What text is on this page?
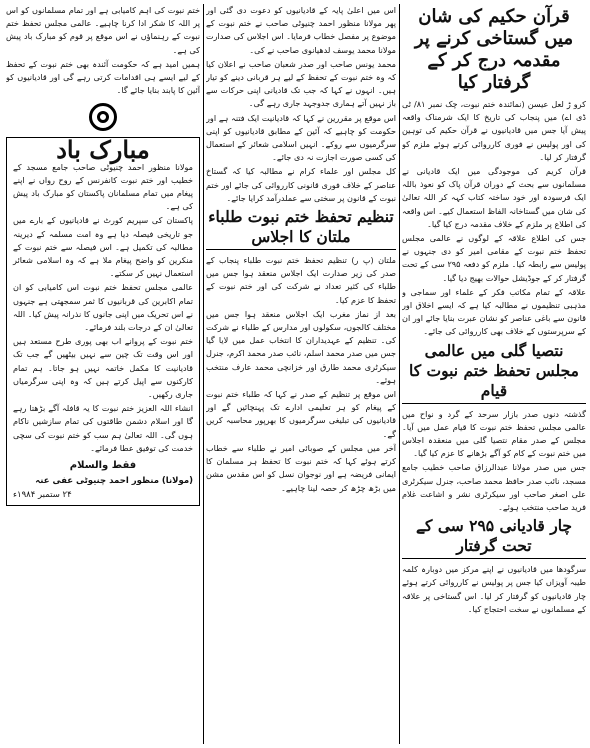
قرآن حکیم کی شان میں گستاخی کرنے پر مقدمہ درج کر کے گرفتار کیا

کرو ڑ لعل عیسن (نمائندہ ختم نبوت، چک نمبر ۸۱/ ٹی ڈی اے) میں پنجاب کی تاریخ کا ایک شرمناک واقعہ پیش آیا جس میں قادیانیوں نے قرآن حکیم کی توہین کی اور پولیس نے فوری کارروائی کرتے ہوئے ملزم کو گرفتار کر لیا۔

قرآن کریم کی موجودگی میں ایک قادیانی نے مسلمانوں سے بحث کے دوران قرآن پاک کو نعوذ باللہ ایک فرسودہ اور خود ساختہ کتاب کہہ کر اللہ تعالیٰ کی شان میں گستاخانہ الفاظ استعمال کیے۔ اس واقعہ کی اطلاع پر ملزم کے خلاف مقدمہ درج کیا گیا۔

جس کی اطلاع علاقہ کے لوگوں نے عالمی مجلس تحفظ ختم نبوت کے مقامی امیر کو دی جنہوں نے پولیس سے رابطہ کیا۔ ملزم کو دفعہ ۲۹۵ سی کے تحت گرفتار کر کے جوڈیشل حوالات بھیج دیا گیا۔

علاقہ کے تمام مکاتب فکر کے علماء اور سماجی و مذہبی تنظیموں نے مطالبہ کیا ہے کہ ایسے اخلاق اور قانون سے باغی عناصر کو نشان عبرت بنایا جائے اور ان کے سرپرستوں کے خلاف بھی کارروائی کی جائے۔

نتصیا گلی میں عالمی مجلس تحفظ ختم نبوت کا قیام

گذشتہ دنوں صدر بازار سرحد کے گرد و نواح میں عالمی مجلس تحفظ ختم نبوت کا قیام عمل میں آیا۔ مجلس کے صدر مقام نتصیا گلی میں منعقدہ اجلاس میں ختم نبوت کے کام کو آگے بڑھانے کا عزم کیا گیا۔

جس میں صدر مولانا عبدالرزاق صاحب خطیب جامع مسجد، نائب صدر حافظ محمد صاحب، جنرل سیکرٹری علی اصغر صاحب اور سیکرٹری نشر و اشاعت غلام فرید صاحب منتخب ہوئے۔

چار قادیانی ۲۹۵ سی کے تحت گرفتار

سرگودھا میں قادیانیوں نے اپنے مرکز میں دوبارہ کلمہ طیبہ آویزاں کیا جس پر پولیس نے کارروائی کرتے ہوئے چار قادیانیوں کو گرفتار کر لیا۔ اس گستاخی پر علاقہ کے مسلمانوں نے سخت احتجاج کیا۔

اس میں اعلیٰ پایہ کے قادیانیوں کو دعوت دی گئی اور پھر مولانا منظور احمد چنیوٹی صاحب نے ختم نبوت کے موضوع پر مفصل خطاب فرمایا۔ اس اجلاس کی صدارت مولانا محمد یوسف لدھیانوی صاحب نے کی۔

محمد یونس صاحب اور صدر شعبان صاحب نے اعلان کیا کہ وہ ختم نبوت کے تحفظ کے لیے ہر قربانی دینے کو تیار ہیں۔ انہوں نے کہا کہ جب تک قادیانی اپنی حرکات سے باز نہیں آتے ہماری جدوجہد جاری رہے گی۔

اس موقع پر مقررین نے کہا کہ قادیانیت ایک فتنہ ہے اور حکومت کو چاہیے کہ آئین کے مطابق قادیانیوں کو اپنی سرگرمیوں سے روکے۔ انہیں اسلامی شعائر کے استعمال کی کسی صورت اجازت نہ دی جائے۔

کل مجلس اور علماء کرام نے مطالبہ کیا کہ گستاخ عناصر کے خلاف فوری قانونی کارروائی کی جائے اور ختم نبوت کے قانون پر سختی سے عملدرآمد کرایا جائے۔

تنظیم تحفظ ختم نبوت طلباء ملتان کا اجلاس

ملتان (پ ر) تنظیم تحفظ ختم نبوت طلباء پنجاب کے صدر کی زیر صدارت ایک اجلاس منعقد ہوا جس میں طلباء کی کثیر تعداد نے شرکت کی اور ختم نبوت کے تحفظ کا عزم کیا۔

بعد از نماز مغرب ایک اجلاس منعقد ہوا جس میں مختلف کالجوں، سکولوں اور مدارس کے طلباء نے شرکت کی۔ تنظیم کے عہدیداران کا انتخاب عمل میں لایا گیا جس میں صدر محمد اسلم، نائب صدر محمد اکرم، جنرل سیکرٹری محمد طارق اور خزانچی محمد عارف منتخب ہوئے۔

اس موقع پر تنظیم کے صدر نے کہا کہ طلباء ختم نبوت کے پیغام کو ہر تعلیمی ادارے تک پہنچائیں گے اور قادیانیوں کی تبلیغی سرگرمیوں کا بھرپور محاسبہ کریں گے۔

آخر میں مجلس کے صوبائی امیر نے طلباء سے خطاب کرتے ہوئے کہا کہ ختم نبوت کا تحفظ ہر مسلمان کا ایمانی فریضہ ہے اور نوجوان نسل کو اس مقدس مشن میں بڑھ چڑھ کر حصہ لینا چاہیے۔

ختم نبوت کی اہم کامیابی ہے اور تمام مسلمانوں کو اس پر اللہ کا شکر ادا کرنا چاہیے۔ عالمی مجلس تحفظ ختم نبوت کے رہنماؤں نے اس موقع پر قوم کو مبارک باد پیش کی ہے۔

ہمیں امید ہے کہ حکومت آئندہ بھی ختم نبوت کے تحفظ کے لیے ایسے ہی اقدامات کرتی رہے گی اور قادیانیوں کو آئین کا پابند بنایا جائے گا۔

مبارک باد

مولانا منظور احمد چنیوٹی صاحب جامع مسجد کے خطیب اور ختم نبوت کانفرنس کے روح رواں نے اپنے پیغام میں تمام مسلمانان پاکستان کو مبارک باد پیش کی ہے۔

پاکستان کی سپریم کورٹ نے قادیانیوں کے بارے میں جو تاریخی فیصلہ دیا ہے وہ امت مسلمہ کے دیرینہ مطالبہ کی تکمیل ہے۔ اس فیصلہ سے ختم نبوت کے منکرین کو واضح پیغام ملا ہے کہ وہ اسلامی شعائر استعمال نہیں کر سکتے۔

عالمی مجلس تحفظ ختم نبوت اس کامیابی کو ان تمام اکابرین کی قربانیوں کا ثمر سمجھتی ہے جنہوں نے اس تحریک میں اپنی جانوں کا نذرانہ پیش کیا۔ اللہ تعالیٰ ان کے درجات بلند فرمائے۔

ختم نبوت کے پروانے اب بھی پوری طرح مستعد ہیں اور اس وقت تک چین سے نہیں بیٹھیں گے جب تک قادیانیت کا مکمل خاتمہ نہیں ہو جاتا۔ ہم تمام کارکنوں سے اپیل کرتے ہیں کہ وہ اپنی سرگرمیاں جاری رکھیں۔

انشاء اللہ العزیز ختم نبوت کا یہ قافلہ آگے بڑھتا رہے گا اور اسلام دشمن طاقتوں کی تمام سازشیں ناکام ہوں گی۔ اللہ تعالیٰ ہم سب کو ختم نبوت کی سچی خدمت کی توفیق عطا فرمائے۔

فقط والسلام
(مولانا) منظور احمد چنیوٹی عفی عنہ
۲۴ ستمبر ۱۹۸۴ء
